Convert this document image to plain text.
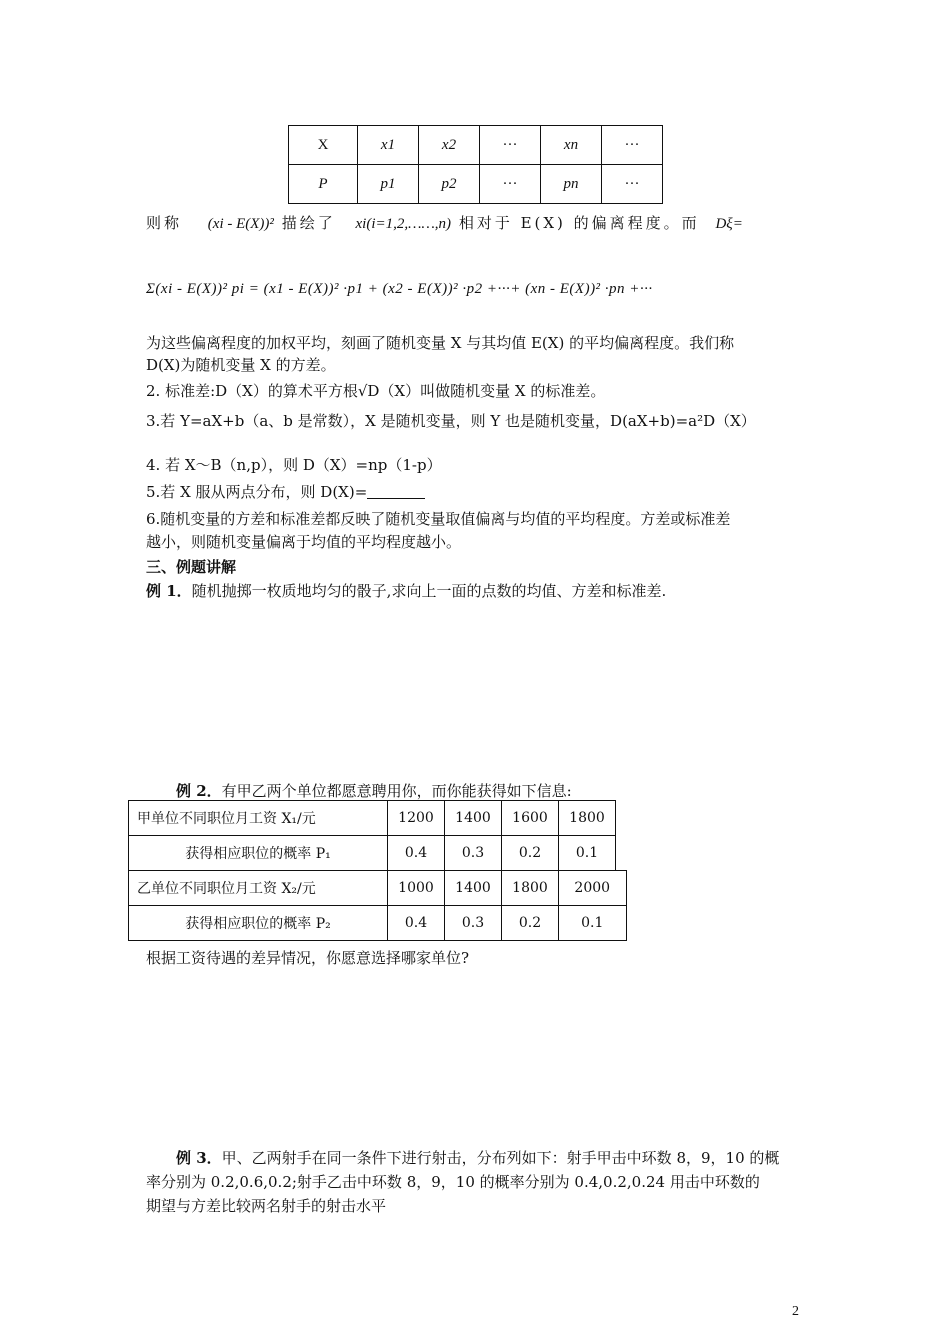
X	x1	x2	···	xn	···
P	p1	p2	···	pn	···
则称 (xi - E(X))² 描绘了 xi(i=1,2,……,n) 相对于 E(X) 的偏离程度。而 Dξ=
Σ(xi - E(X))² pi = (x1 - E(X))² ·p1 + (x2 - E(X))² ·p2 +···+ (xn - E(X))² ·pn +···
为这些偏离程度的加权平均，刻画了随机变量 X 与其均值 E(X) 的平均偏离程度。我们称
D(X)为随机变量 X 的方差。
2. 标准差:D（X）的算术平方根√D（X）叫做随机变量 X 的标准差。
3.若 Y=aX+b（a、b 是常数），X 是随机变量，则 Y 也是随机变量，D(aX+b)=a²D（X）
4. 若 X～B（n,p），则 D（X）=np（1-p）
5.若 X 服从两点分布，则 D(X)=
6.随机变量的方差和标准差都反映了随机变量取值偏离与均值的平均程度。方差或标准差
越小，则随机变量偏离于均值的平均程度越小。
三、例题讲解
例 1．随机抛掷一枚质地均匀的骰子,求向上一面的点数的均值、方差和标准差.
例 2．有甲乙两个单位都愿意聘用你，而你能获得如下信息:
甲单位不同职位月工资 X₁/元	1200	1400	1600	1800	
获得相应职位的概率 P₁	0.4	0.3	0.2	0.1	
乙单位不同职位月工资 X₂/元	1000	1400	1800	2000	
获得相应职位的概率 P₂	0.4	0.3	0.2	0.1	
根据工资待遇的差异情况，你愿意选择哪家单位?
例 3．甲、乙两射手在同一条件下进行射击，分布列如下：射手甲击中环数 8，9，10 的概
率分别为 0.2,0.6,0.2;射手乙击中环数 8，9，10 的概率分别为 0.4,0.2,0.24 用击中环数的
期望与方差比较两名射手的射击水平
2
